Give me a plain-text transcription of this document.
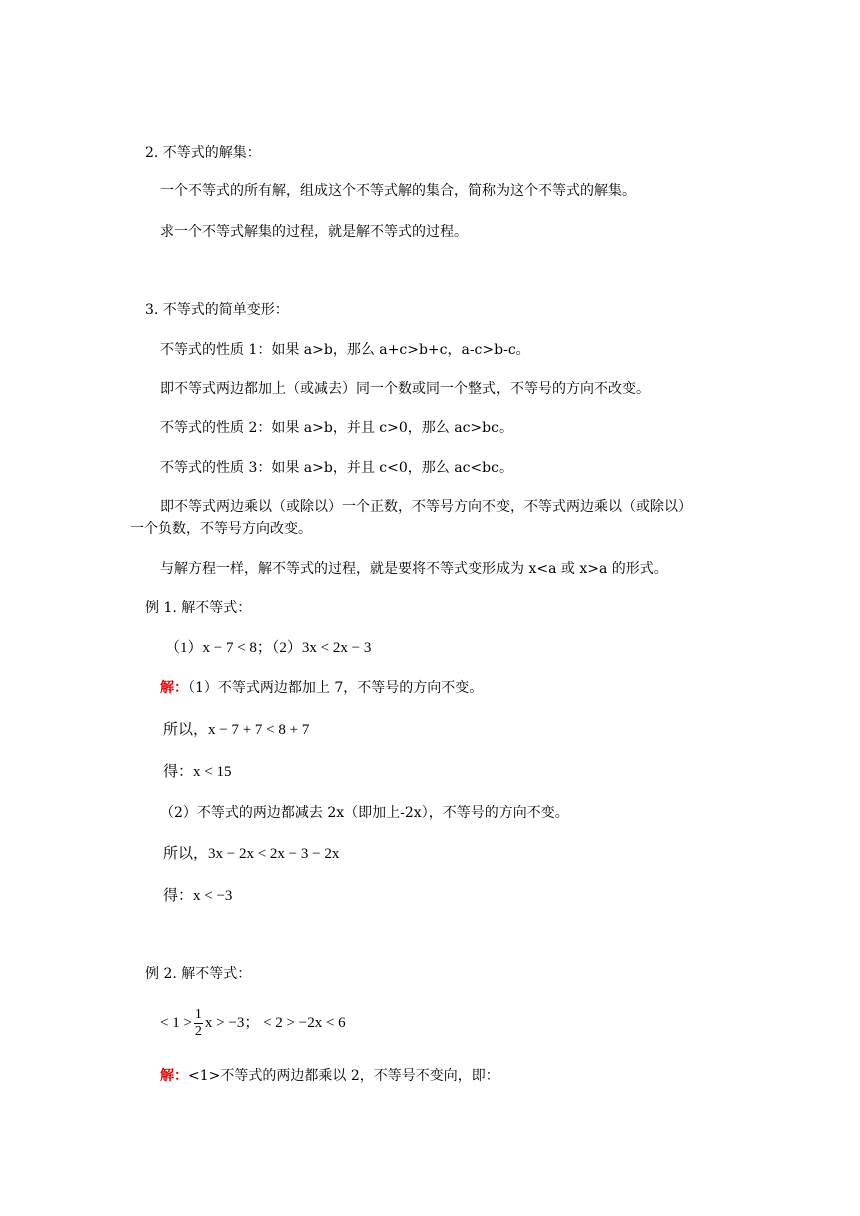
2. 不等式的解集：
一个不等式的所有解，组成这个不等式解的集合，简称为这个不等式的解集。
求一个不等式解集的过程，就是解不等式的过程。
3. 不等式的简单变形：
不等式的性质 1：如果 a>b，那么 a+c>b+c，a-c>b-c。
即不等式两边都加上（或减去）同一个数或同一个整式，不等号的方向不改变。
不等式的性质 2：如果 a>b，并且 c>0，那么 ac>bc。
不等式的性质 3：如果 a>b，并且 c<0，那么 ac<bc。
即不等式两边乘以（或除以）一个正数，不等号方向不变，不等式两边乘以（或除以）
一个负数，不等号方向改变。
与解方程一样，解不等式的过程，就是要将不等式变形成为 x<a 或 x>a 的形式。
例 1. 解不等式：
（1）x − 7 < 8；（2）3x < 2x − 3
解：（1）不等式两边都加上 7，不等号的方向不变。
所以，x − 7 + 7 < 8 + 7
得：x < 15
（2）不等式的两边都减去 2x（即加上-2x），不等号的方向不变。
所以，3x − 2x < 2x − 3 − 2x
得：x < −3
例 2. 解不等式：
< $1 > \frac{1}{2}$ x > −3； < 2 > −2x < 6
解：<1>不等式的两边都乘以 2，不等号不变向，即：
